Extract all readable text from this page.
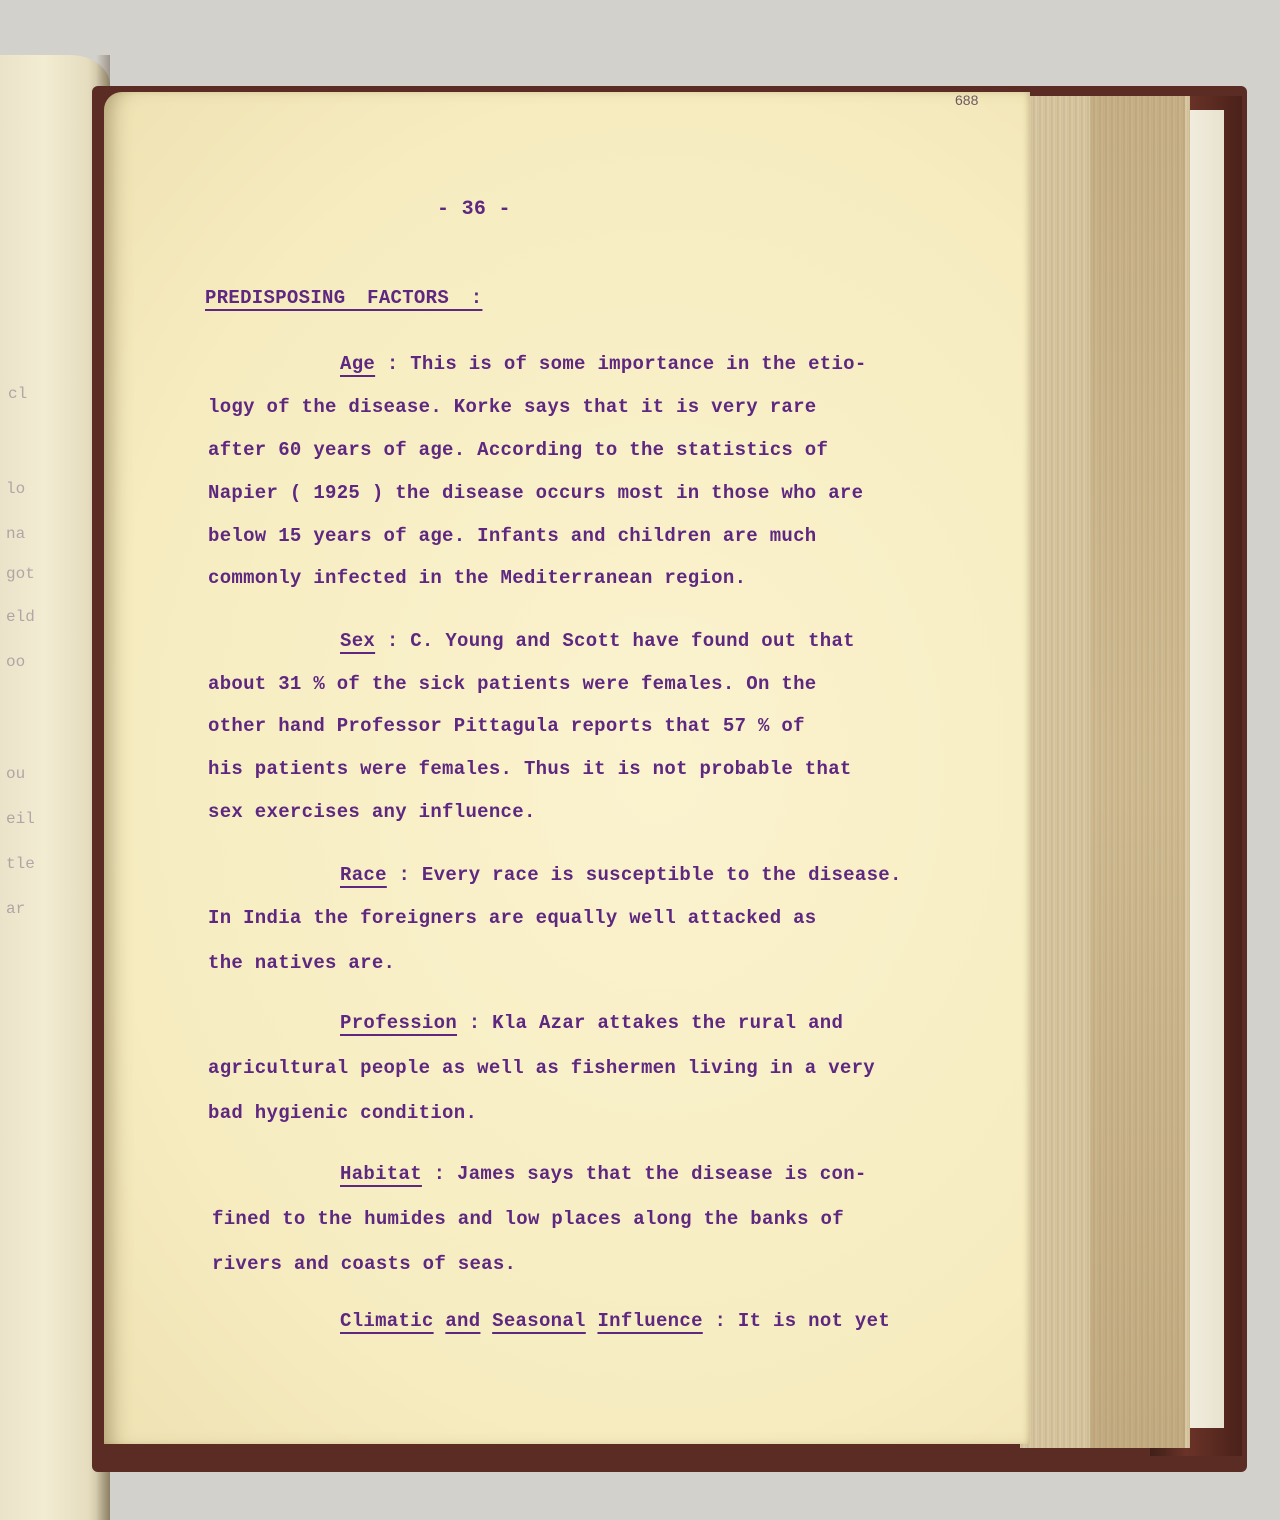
cl
lo
na
got
eld
oo
ou
eil
tle
ar
688
- 36 -
PREDISPOSING FACTORS :
Age : This is of some importance in the etio-
logy of the disease. Korke says that it is very rare
after 60 years of age. According to the statistics of
Napier ( 1925 ) the disease occurs most in those who are
below 15 years of age. Infants and children are much
commonly infected in the Mediterranean region.
Sex : C. Young and Scott have found out that
about 31 % of the sick patients were females. On the
other hand Professor Pittagula reports that 57 % of
his patients were females. Thus it is not probable that
sex exercises any influence.
Race : Every race is susceptible to the disease.
In India the foreigners are equally well attacked as
the natives are.
Profession : Kla Azar attakes the rural and
agricultural people as well as fishermen living in a very
bad hygienic condition.
Habitat : James says that the disease is con-
fined to the humides and low places along the banks of
rivers and coasts of seas.
Climatic and Seasonal Influence : It is not yet
